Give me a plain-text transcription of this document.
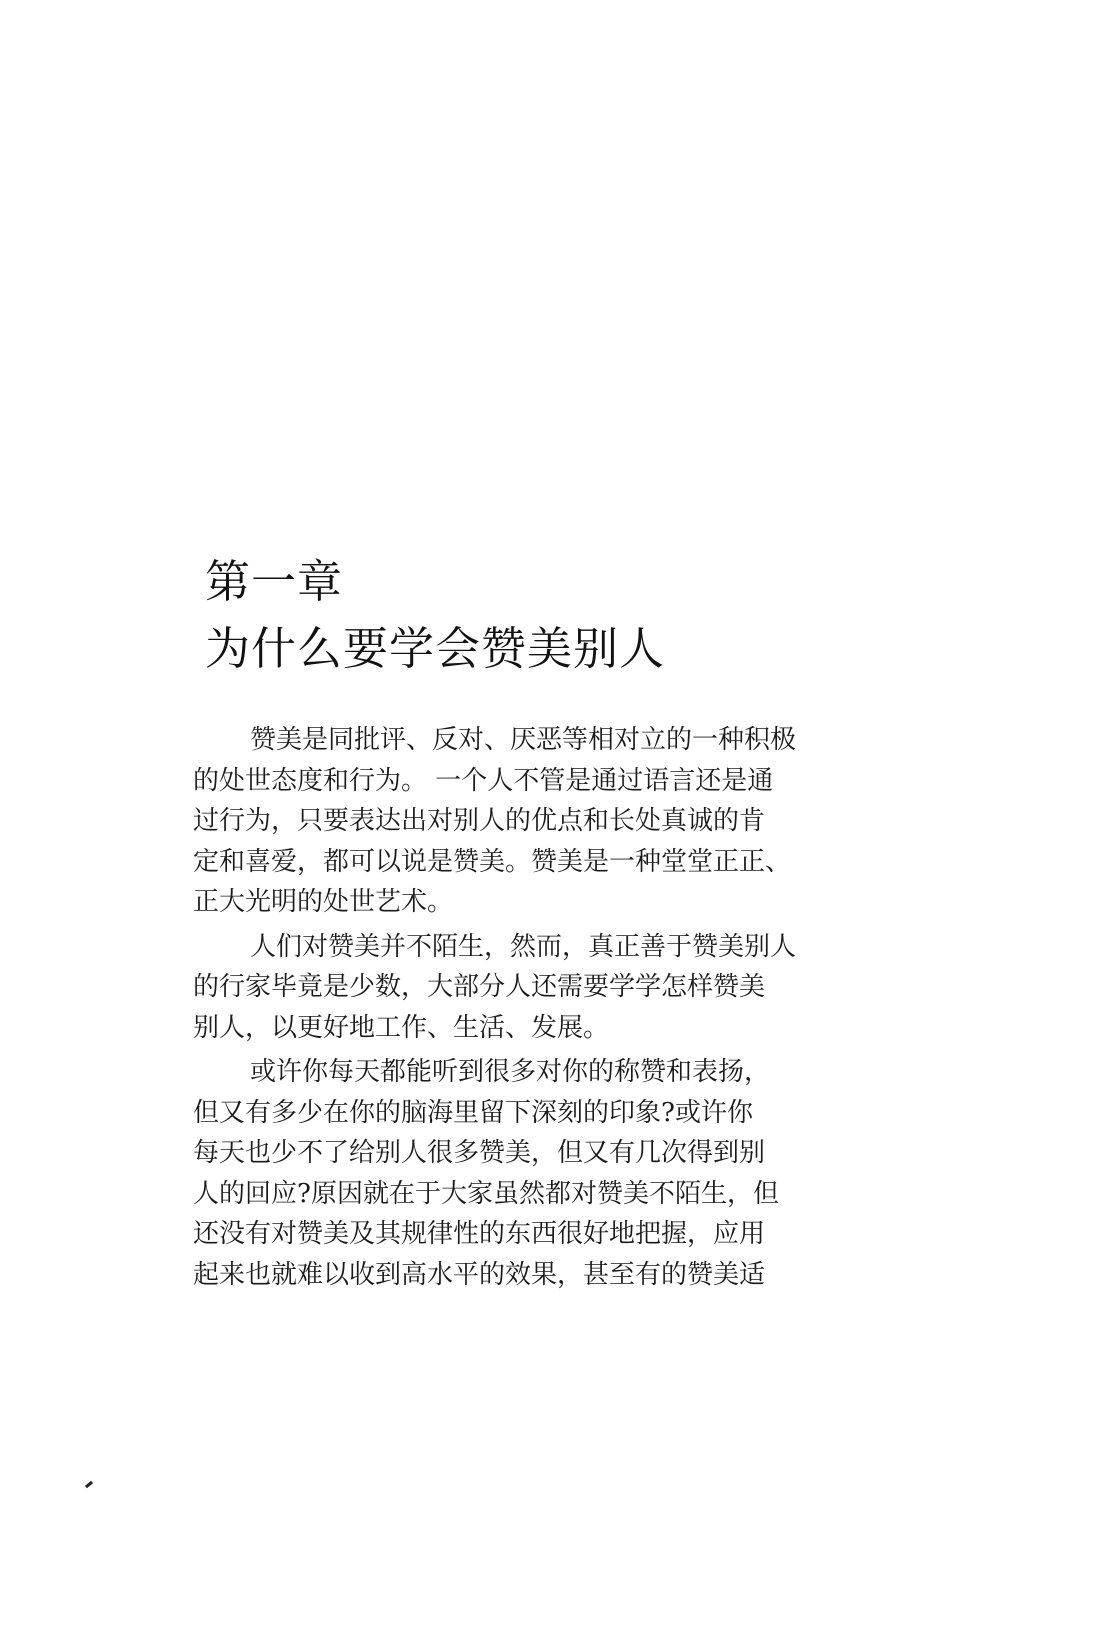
第一章
为什么要学会赞美别人
赞美是同批评、反对、厌恶等相对立的一种积极
的处世态度和行为。 一个人不管是通过语言还是通
过行为，只要表达出对别人的优点和长处真诚的肯
定和喜爱，都可以说是赞美。赞美是一种堂堂正正、
正大光明的处世艺术。
人们对赞美并不陌生，然而，真正善于赞美别人
的行家毕竟是少数，大部分人还需要学学怎样赞美
别人，以更好地工作、生活、发展。
或许你每天都能听到很多对你的称赞和表扬，
但又有多少在你的脑海里留下深刻的印象?或许你
每天也少不了给别人很多赞美，但又有几次得到别
人的回应?原因就在于大家虽然都对赞美不陌生，但
还没有对赞美及其规律性的东西很好地把握，应用
起来也就难以收到高水平的效果，甚至有的赞美适
